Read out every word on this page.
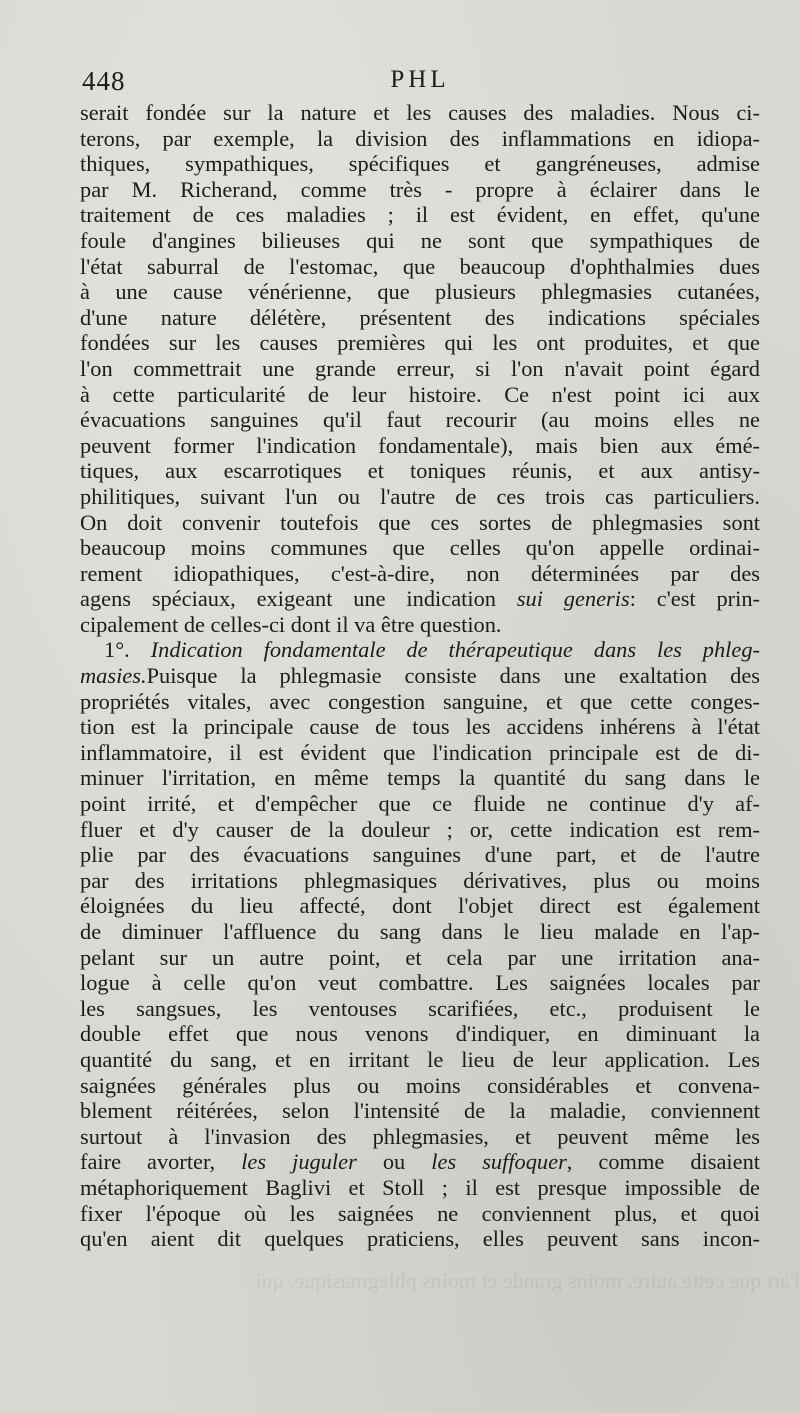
448	PHL
serait fondée sur la nature et les causes des maladies. Nous ci-
terons, par exemple, la division des inflammations en idiopa-
thiques, sympathiques, spécifiques et gangréneuses, admise
par M. Richerand, comme très - propre à éclairer dans le
traitement de ces maladies ; il est évident, en effet, qu'une
foule d'angines bilieuses qui ne sont que sympathiques de
l'état saburral de l'estomac, que beaucoup d'ophthalmies dues
à une cause vénérienne, que plusieurs phlegmasies cutanées,
d'une nature délétère, présentent des indications spéciales
fondées sur les causes premières qui les ont produites, et que
l'on commettrait une grande erreur, si l'on n'avait point égard
à cette particularité de leur histoire. Ce n'est point ici aux
évacuations sanguines qu'il faut recourir (au moins elles ne
peuvent former l'indication fondamentale), mais bien aux émé-
tiques, aux escarrotiques et toniques réunis, et aux antisy-
philitiques, suivant l'un ou l'autre de ces trois cas particuliers.
On doit convenir toutefois que ces sortes de phlegmasies sont
beaucoup moins communes que celles qu'on appelle ordinai-
rement idiopathiques, c'est-à-dire, non déterminées par des
agens spéciaux, exigeant une indication sui generis: c'est prin-
cipalement de celles-ci dont il va être question.
1°. Indication fondamentale de thérapeutique dans les phleg-
masies.Puisque la phlegmasie consiste dans une exaltation des
propriétés vitales, avec congestion sanguine, et que cette conges-
tion est la principale cause de tous les accidens inhérens à l'état
inflammatoire, il est évident que l'indication principale est de di-
minuer l'irritation, en même temps la quantité du sang dans le
point irrité, et d'empêcher que ce fluide ne continue d'y af-
fluer et d'y causer de la douleur ; or, cette indication est rem-
plie par des évacuations sanguines d'une part, et de l'autre
par des irritations phlegmasiques dérivatives, plus ou moins
éloignées du lieu affecté, dont l'objet direct est également
de diminuer l'affluence du sang dans le lieu malade en l'ap-
pelant sur un autre point, et cela par une irritation ana-
logue à celle qu'on veut combattre. Les saignées locales par
les sangsues, les ventouses scarifiées, etc., produisent le
double effet que nous venons d'indiquer, en diminuant la
quantité du sang, et en irritant le lieu de leur application. Les
saignées générales plus ou moins considérables et convena-
blement réitérées, selon l'intensité de la maladie, conviennent
surtout à l'invasion des phlegmasies, et peuvent même les
faire avorter, les juguler ou les suffoquer, comme disaient
métaphoriquement Baglivi et Stoll ; il est presque impossible de
fixer l'époque où les saignées ne conviennent plus, et quoi
qu'en aient dit quelques praticiens, elles peuvent sans incon-
l'art que cette autre, moins grande et moins phlegmasique, qui
